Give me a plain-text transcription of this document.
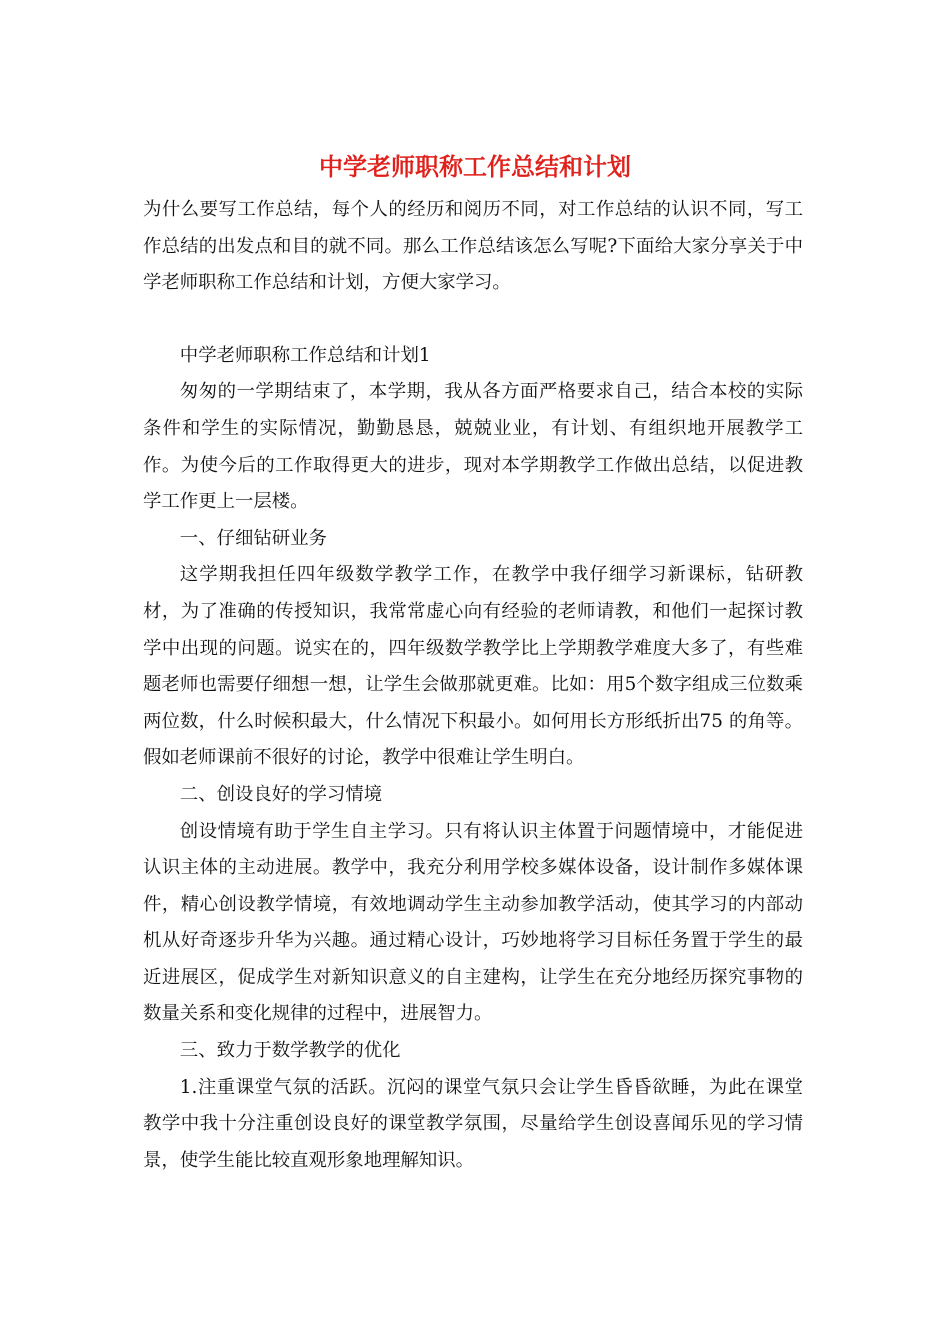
中学老师职称工作总结和计划

为什么要写工作总结，每个人的经历和阅历不同，对工作总结的认识不同，写工作总结的出发点和目的就不同。那么工作总结该怎么写呢?下面给大家分享关于中学老师职称工作总结和计划，方便大家学习。

中学老师职称工作总结和计划1

匆匆的一学期结束了，本学期，我从各方面严格要求自己，结合本校的实际条件和学生的实际情况，勤勤恳恳，兢兢业业，有计划、有组织地开展教学工作。为使今后的工作取得更大的进步，现对本学期教学工作做出总结，以促进教学工作更上一层楼。

一、仔细钻研业务

这学期我担任四年级数学教学工作，在教学中我仔细学习新课标，钻研教材，为了准确的传授知识，我常常虚心向有经验的老师请教，和他们一起探讨教学中出现的问题。说实在的，四年级数学教学比上学期教学难度大多了，有些难题老师也需要仔细想一想，让学生会做那就更难。比如：用5个数字组成三位数乘两位数，什么时候积最大，什么情况下积最小。如何用长方形纸折出75 的角等。假如老师课前不很好的讨论，教学中很难让学生明白。

二、创设良好的学习情境

创设情境有助于学生自主学习。只有将认识主体置于问题情境中，才能促进认识主体的主动进展。教学中，我充分利用学校多媒体设备，设计制作多媒体课件，精心创设教学情境，有效地调动学生主动参加教学活动，使其学习的内部动机从好奇逐步升华为兴趣。通过精心设计，巧妙地将学习目标任务置于学生的最近进展区，促成学生对新知识意义的自主建构，让学生在充分地经历探究事物的数量关系和变化规律的过程中，进展智力。

三、致力于数学教学的优化

1.注重课堂气氛的活跃。沉闷的课堂气氛只会让学生昏昏欲睡，为此在课堂教学中我十分注重创设良好的课堂教学氛围，尽量给学生创设喜闻乐见的学习情景，使学生能比较直观形象地理解知识。
